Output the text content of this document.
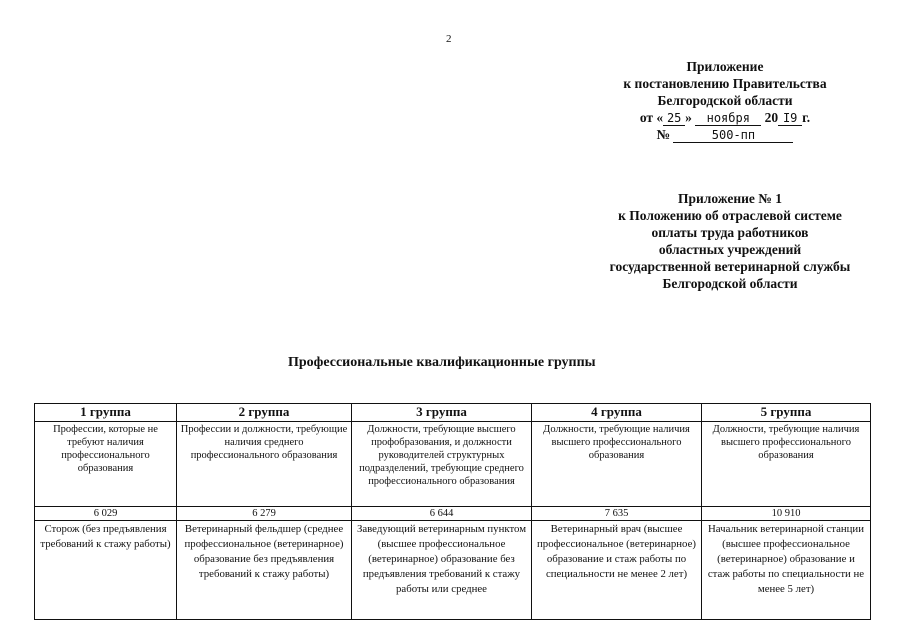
2
Приложение
к постановлению Правительства
Белгородской области
от « 25 » ноября 20 I9 г.
№	500-пп
Приложение № 1
к Положению об отраслевой системе
оплаты труда работников
областных учреждений
государственной ветеринарной службы
Белгородской области
Профессиональные квалификационные группы
1 группа	2 группа	3 группа	4 группа	5 группа
Профессии, которые не требуют наличия профессионального образования	Профессии и должности, требующие наличия среднего профессионального образования	Должности, требующие высшего профобразования, и должности руководителей структурных подразделений, требующие среднего профессионального образования	Должности, требующие наличия высшего профессионального образования	Должности, требующие наличия высшего профессионального образования
6 029	6 279	6 644	7 635	10 910
Сторож (без предъявления требований к стажу работы)	Ветеринарный фельдшер (среднее профессиональное (ветеринарное) образование без предъявления требований к стажу работы)	Заведующий ветеринарным пунктом (высшее профессиональное (ветеринарное) образование без предъявления требований к стажу работы или среднее	Ветеринарный врач (высшее профессиональное (ветеринарное) образование и стаж работы по специальности не менее 2 лет)	Начальник ветеринарной станции (высшее профессиональное (ветеринарное) образование и стаж работы по специальности не менее 5 лет)
